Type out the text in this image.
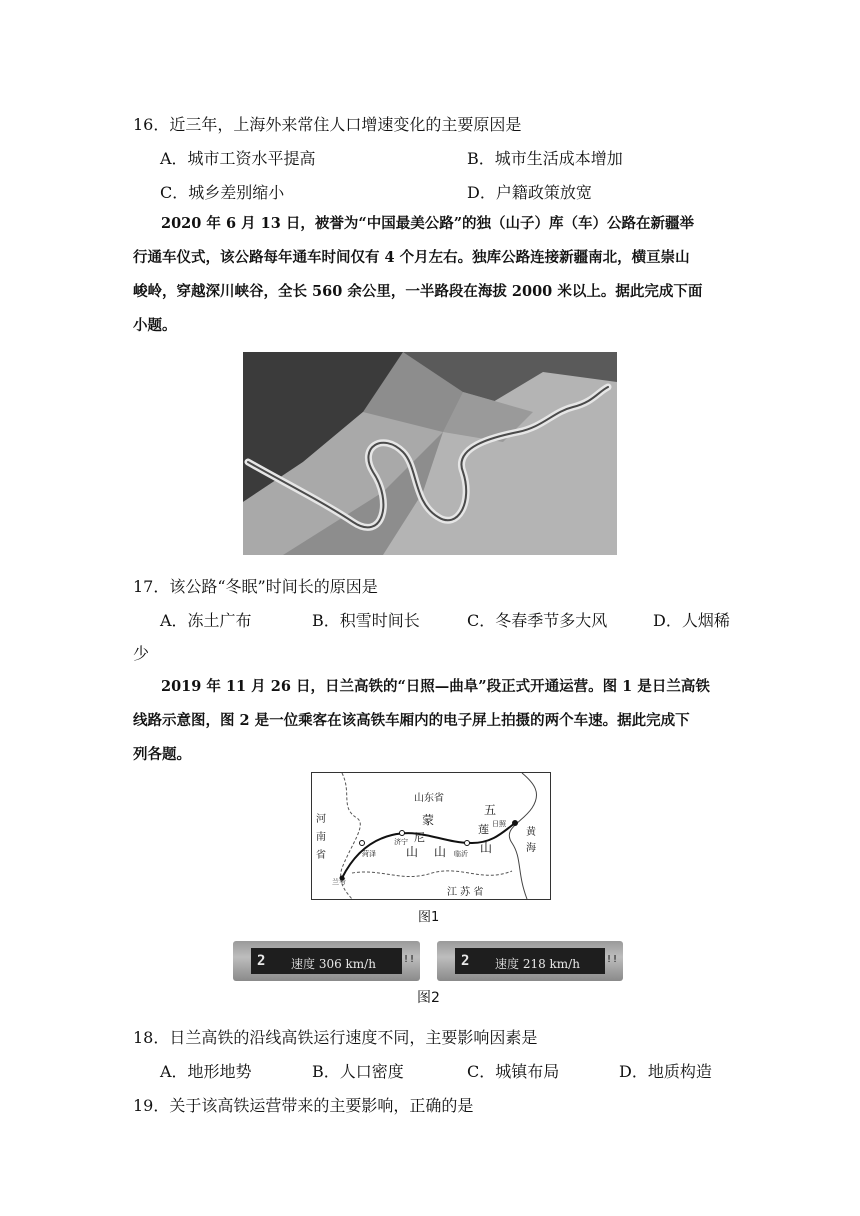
16．近三年，上海外来常住人口增速变化的主要原因是
A．城市工资水平提高	B．城市生活成本增加
C．城乡差别缩小	D．户籍政策放宽
2020 年 6 月 13 日，被誉为“中国最美公路”的独（山子）库（车）公路在新疆举
行通车仪式，该公路每年通车时间仅有 4 个月左右。独库公路连接新疆南北，横亘崇山
峻岭，穿越深川峡谷，全长 560 余公里，一半路段在海拔 2000 米以上。据此完成下面
小题。
17．该公路“冬眠”时间长的原因是
A．冻土广布	B．积雪时间长	C．冬春季节多大风	D．人烟稀
少
2019 年 11 月 26 日，日兰高铁的“日照—曲阜”段正式开通运营。图 1 是日兰高铁
线路示意图，图 2 是一位乘客在该高铁车厢内的电子屏上拍摄的两个车速。据此完成下
列各题。
山东省
河
南
省
江 苏 省
黄
海
五
莲
蒙
尼
山 山	山
日照
临沂
济宁
菏泽
兰考
图1
2 速度 306 km/h	!!	2 速度 218 km/h	!!
图2
18．日兰高铁的沿线高铁运行速度不同，主要影响因素是
A．地形地势	B．人口密度	C．城镇布局	D．地质构造
19．关于该高铁运营带来的主要影响，正确的是
